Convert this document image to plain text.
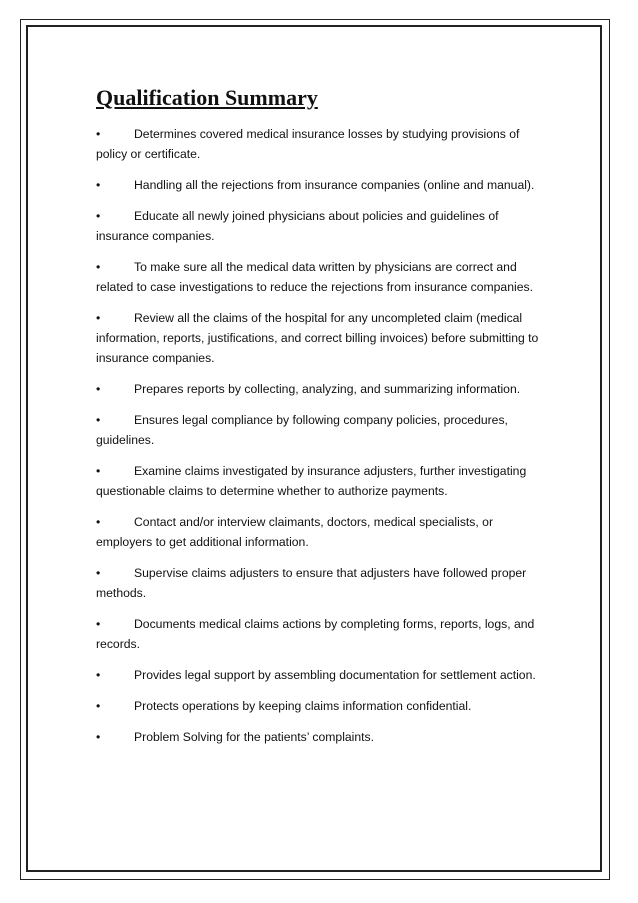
Qualification Summary
•	Determines covered medical insurance losses by studying provisions of policy or certificate.
•	Handling all the rejections from insurance companies (online and manual).
•	Educate all newly joined physicians about policies and guidelines of insurance companies.
•	To make sure all the medical data written by physicians are correct and related to case investigations to reduce the rejections from insurance companies.
•	Review all the claims of the hospital for any uncompleted claim (medical information, reports, justifications, and correct billing invoices) before submitting to insurance companies.
•	Prepares reports by collecting, analyzing, and summarizing information.
•	Ensures legal compliance by following company policies, procedures, guidelines.
•	Examine claims investigated by insurance adjusters, further investigating questionable claims to determine whether to authorize payments.
•	Contact and/or interview claimants, doctors, medical specialists, or employers to get additional information.
•	Supervise claims adjusters to ensure that adjusters have followed proper methods.
•	Documents medical claims actions by completing forms, reports, logs, and records.
•	Provides legal support by assembling documentation for settlement action.
•	Protects operations by keeping claims information confidential.
•	Problem Solving for the patients’ complaints.
